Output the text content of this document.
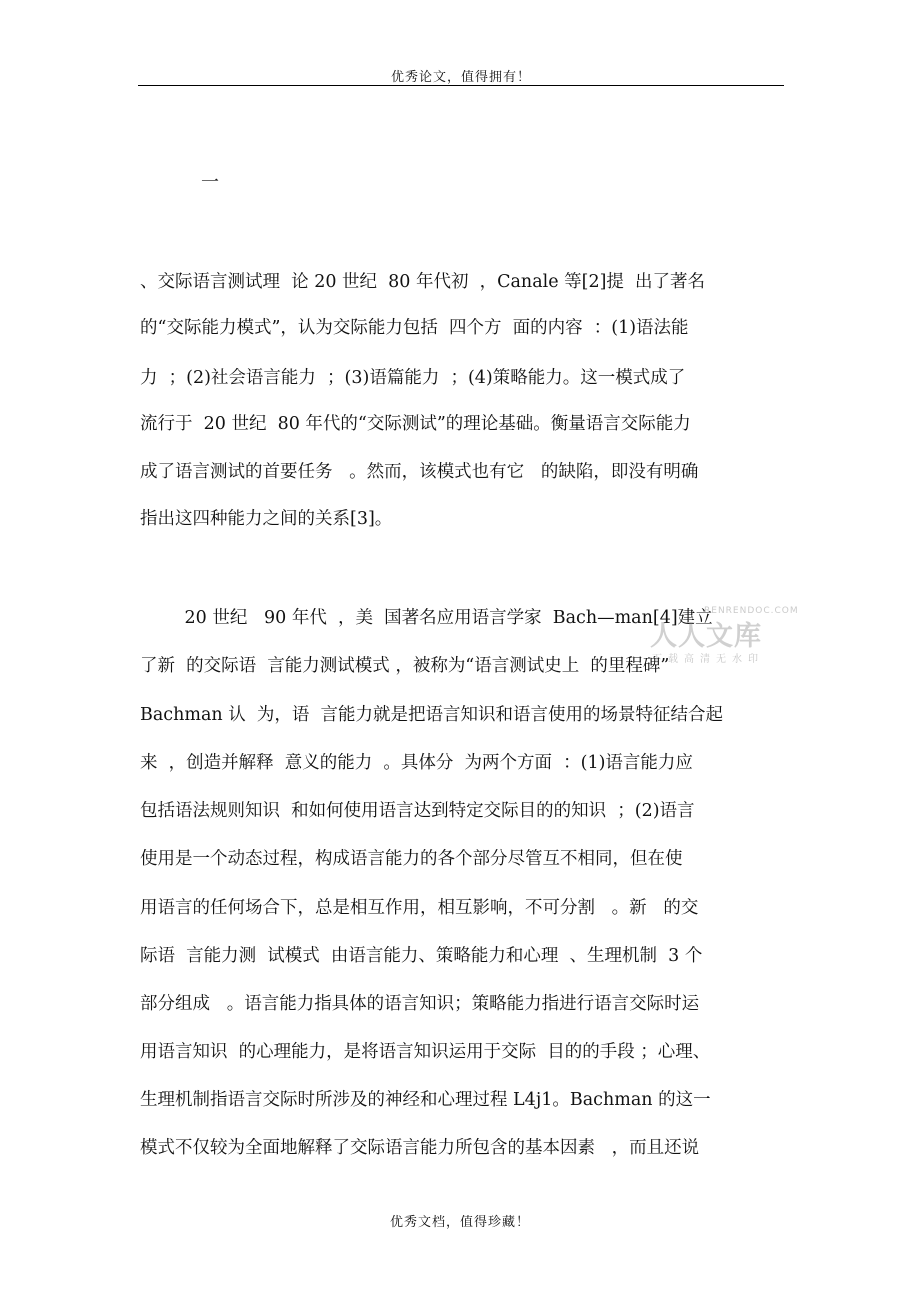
优秀论文，值得拥有！
一
、交际语言测试理  论 20 世纪  80 年代初  ，Canale 等[2]提  出了著名
的“交际能力模式”，认为交际能力包括  四个方  面的内容  ：(1)语法能
力  ；(2)社会语言能力  ；(3)语篇能力  ；(4)策略能力。这一模式成了
流行于  20 世纪  80 年代的“交际测试”的理论基础。衡量语言交际能力
成了语言测试的首要任务   。然而，该模式也有它   的缺陷，即没有明确
指出这四种能力之间的关系[3]。
20 世纪   90 年代  ，美  国著名应用语言学家  Bach—man[4]建立
了新  的交际语  言能力测试模式 ，被称为“语言测试史上  的里程碑”
Bachman 认  为，语  言能力就是把语言知识和语言使用的场景特征结合起
来  ，创造并解释  意义的能力  。具体分  为两个方面  ：(1)语言能力应
包括语法规则知识  和如何使用语言达到特定交际目的的知识  ；(2)语言
使用是一个动态过程，构成语言能力的各个部分尽管互不相同，但在使
用语言的任何场合下，总是相互作用，相互影响，不可分割   。新   的交
际语  言能力测  试模式  由语言能力、策略能力和心理  、生理机制  3 个
部分组成   。语言能力指具体的语言知识；策略能力指进行语言交际时运
用语言知识  的心理能力，是将语言知识运用于交际  目的的手段 ；心理、
生理机制指语言交际时所涉及的神经和心理过程 L4j1。Bachman 的这一
模式不仅较为全面地解释了交际语言能力所包含的基本因素   ，而且还说
RENRENDOC.COM
人人文库
下载高清无水印
优秀文档，值得珍藏！
